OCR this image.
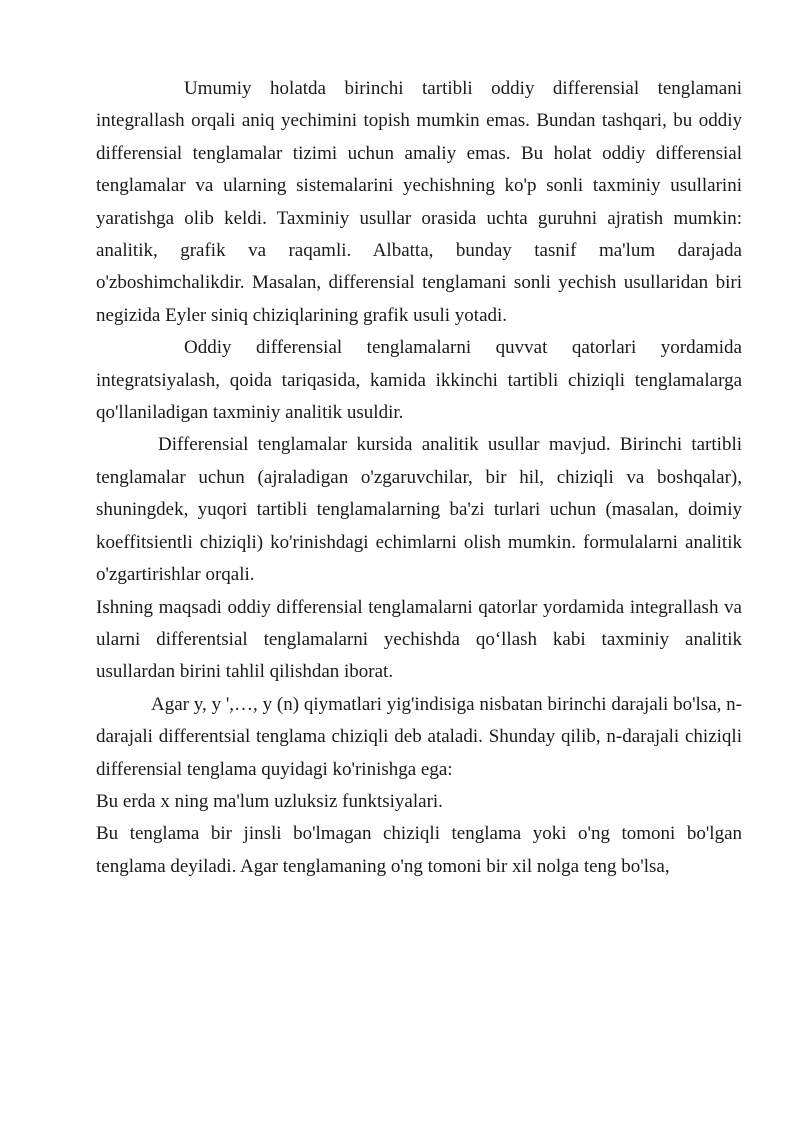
Umumiy holatda birinchi tartibli oddiy differensial tenglamani integrallash orqali aniq yechimini topish mumkin emas. Bundan tashqari, bu oddiy differensial tenglamalar tizimi uchun amaliy emas. Bu holat oddiy differensial tenglamalar va ularning sistemalarini yechishning ko'p sonli taxminiy usullarini yaratishga olib keldi. Taxminiy usullar orasida uchta guruhni ajratish mumkin: analitik, grafik va raqamli. Albatta, bunday tasnif ma'lum darajada o'zboshimchalikdir. Masalan, differensial tenglamani sonli yechish usullaridan biri negizida Eyler siniq chiziqlarining grafik usuli yotadi.

Oddiy differensial tenglamalarni quvvat qatorlari yordamida integratsiyalash, qoida tariqasida, kamida ikkinchi tartibli chiziqli tenglamalarga qo'llaniladigan taxminiy analitik usuldir.

Differensial tenglamalar kursida analitik usullar mavjud. Birinchi tartibli tenglamalar uchun (ajraladigan o'zgaruvchilar, bir hil, chiziqli va boshqalar), shuningdek, yuqori tartibli tenglamalarning ba'zi turlari uchun (masalan, doimiy koeffitsientli chiziqli) ko'rinishdagi echimlarni olish mumkin. formulalarni analitik o'zgartirishlar orqali.

Ishning maqsadi oddiy differensial tenglamalarni qatorlar yordamida integrallash va ularni differentsial tenglamalarni yechishda qo‘llash kabi taxminiy analitik usullardan birini tahlil qilishdan iborat.

Agar y, y ',…, y (n) qiymatlari yig'indisiga nisbatan birinchi darajali bo'lsa, n-darajali differentsial tenglama chiziqli deb ataladi. Shunday qilib, n-darajali chiziqli differensial tenglama quyidagi ko'rinishga ega:

Bu erda x ning ma'lum uzluksiz funktsiyalari.

Bu tenglama bir jinsli bo'lmagan chiziqli tenglama yoki o'ng tomoni bo'lgan tenglama deyiladi. Agar tenglamaning o'ng tomoni bir xil nolga teng bo'lsa,
